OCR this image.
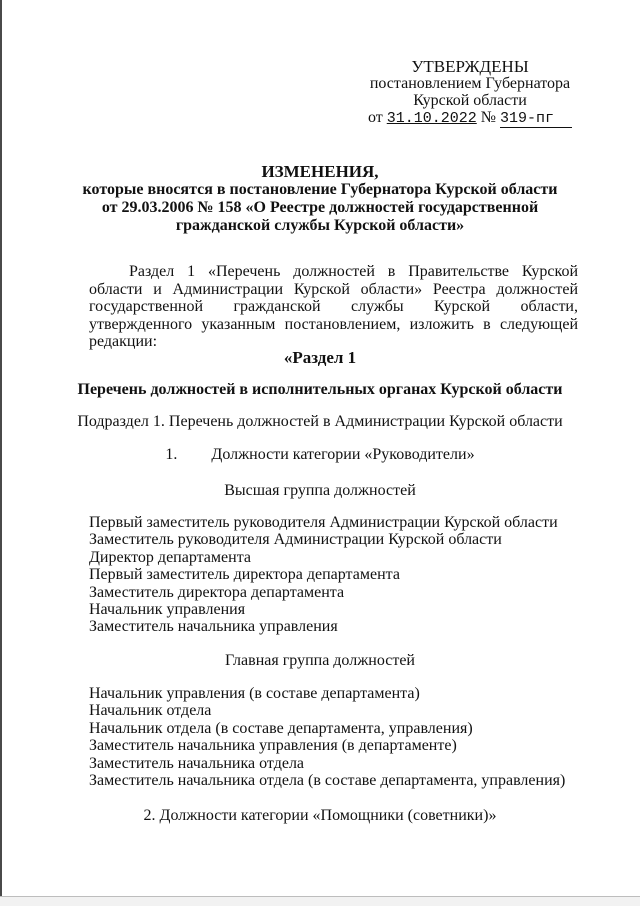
УТВЕРЖДЕНЫ
постановлением Губернатора
Курской области
от 31.10.2022 № 319-пг
ИЗМЕНЕНИЯ,
которые вносятся в постановление Губернатора Курской области
от 29.03.2006 № 158 «О Реестре должностей государственной
гражданской службы Курской области»
Раздел 1 «Перечень должностей в Правительстве Курской области и Администрации Курской области» Реестра должностей государственной гражданской службы Курской области, утвержденного указанным постановлением, изложить в следующей редакции:
«Раздел 1
Перечень должностей в исполнительных органах Курской области
Подраздел 1. Перечень должностей в Администрации Курской области
1. Должности категории «Руководители»
Высшая группа должностей
Первый заместитель руководителя Администрации Курской области
Заместитель руководителя Администрации Курской области
Директор департамента
Первый заместитель директора департамента
Заместитель директора департамента
Начальник управления
Заместитель начальника управления
Главная группа должностей
Начальник управления (в составе департамента)
Начальник отдела
Начальник отдела (в составе департамента, управления)
Заместитель начальника управления (в департаменте)
Заместитель начальника отдела
Заместитель начальника отдела (в составе департамента, управления)
2. Должности категории «Помощники (советники)»
